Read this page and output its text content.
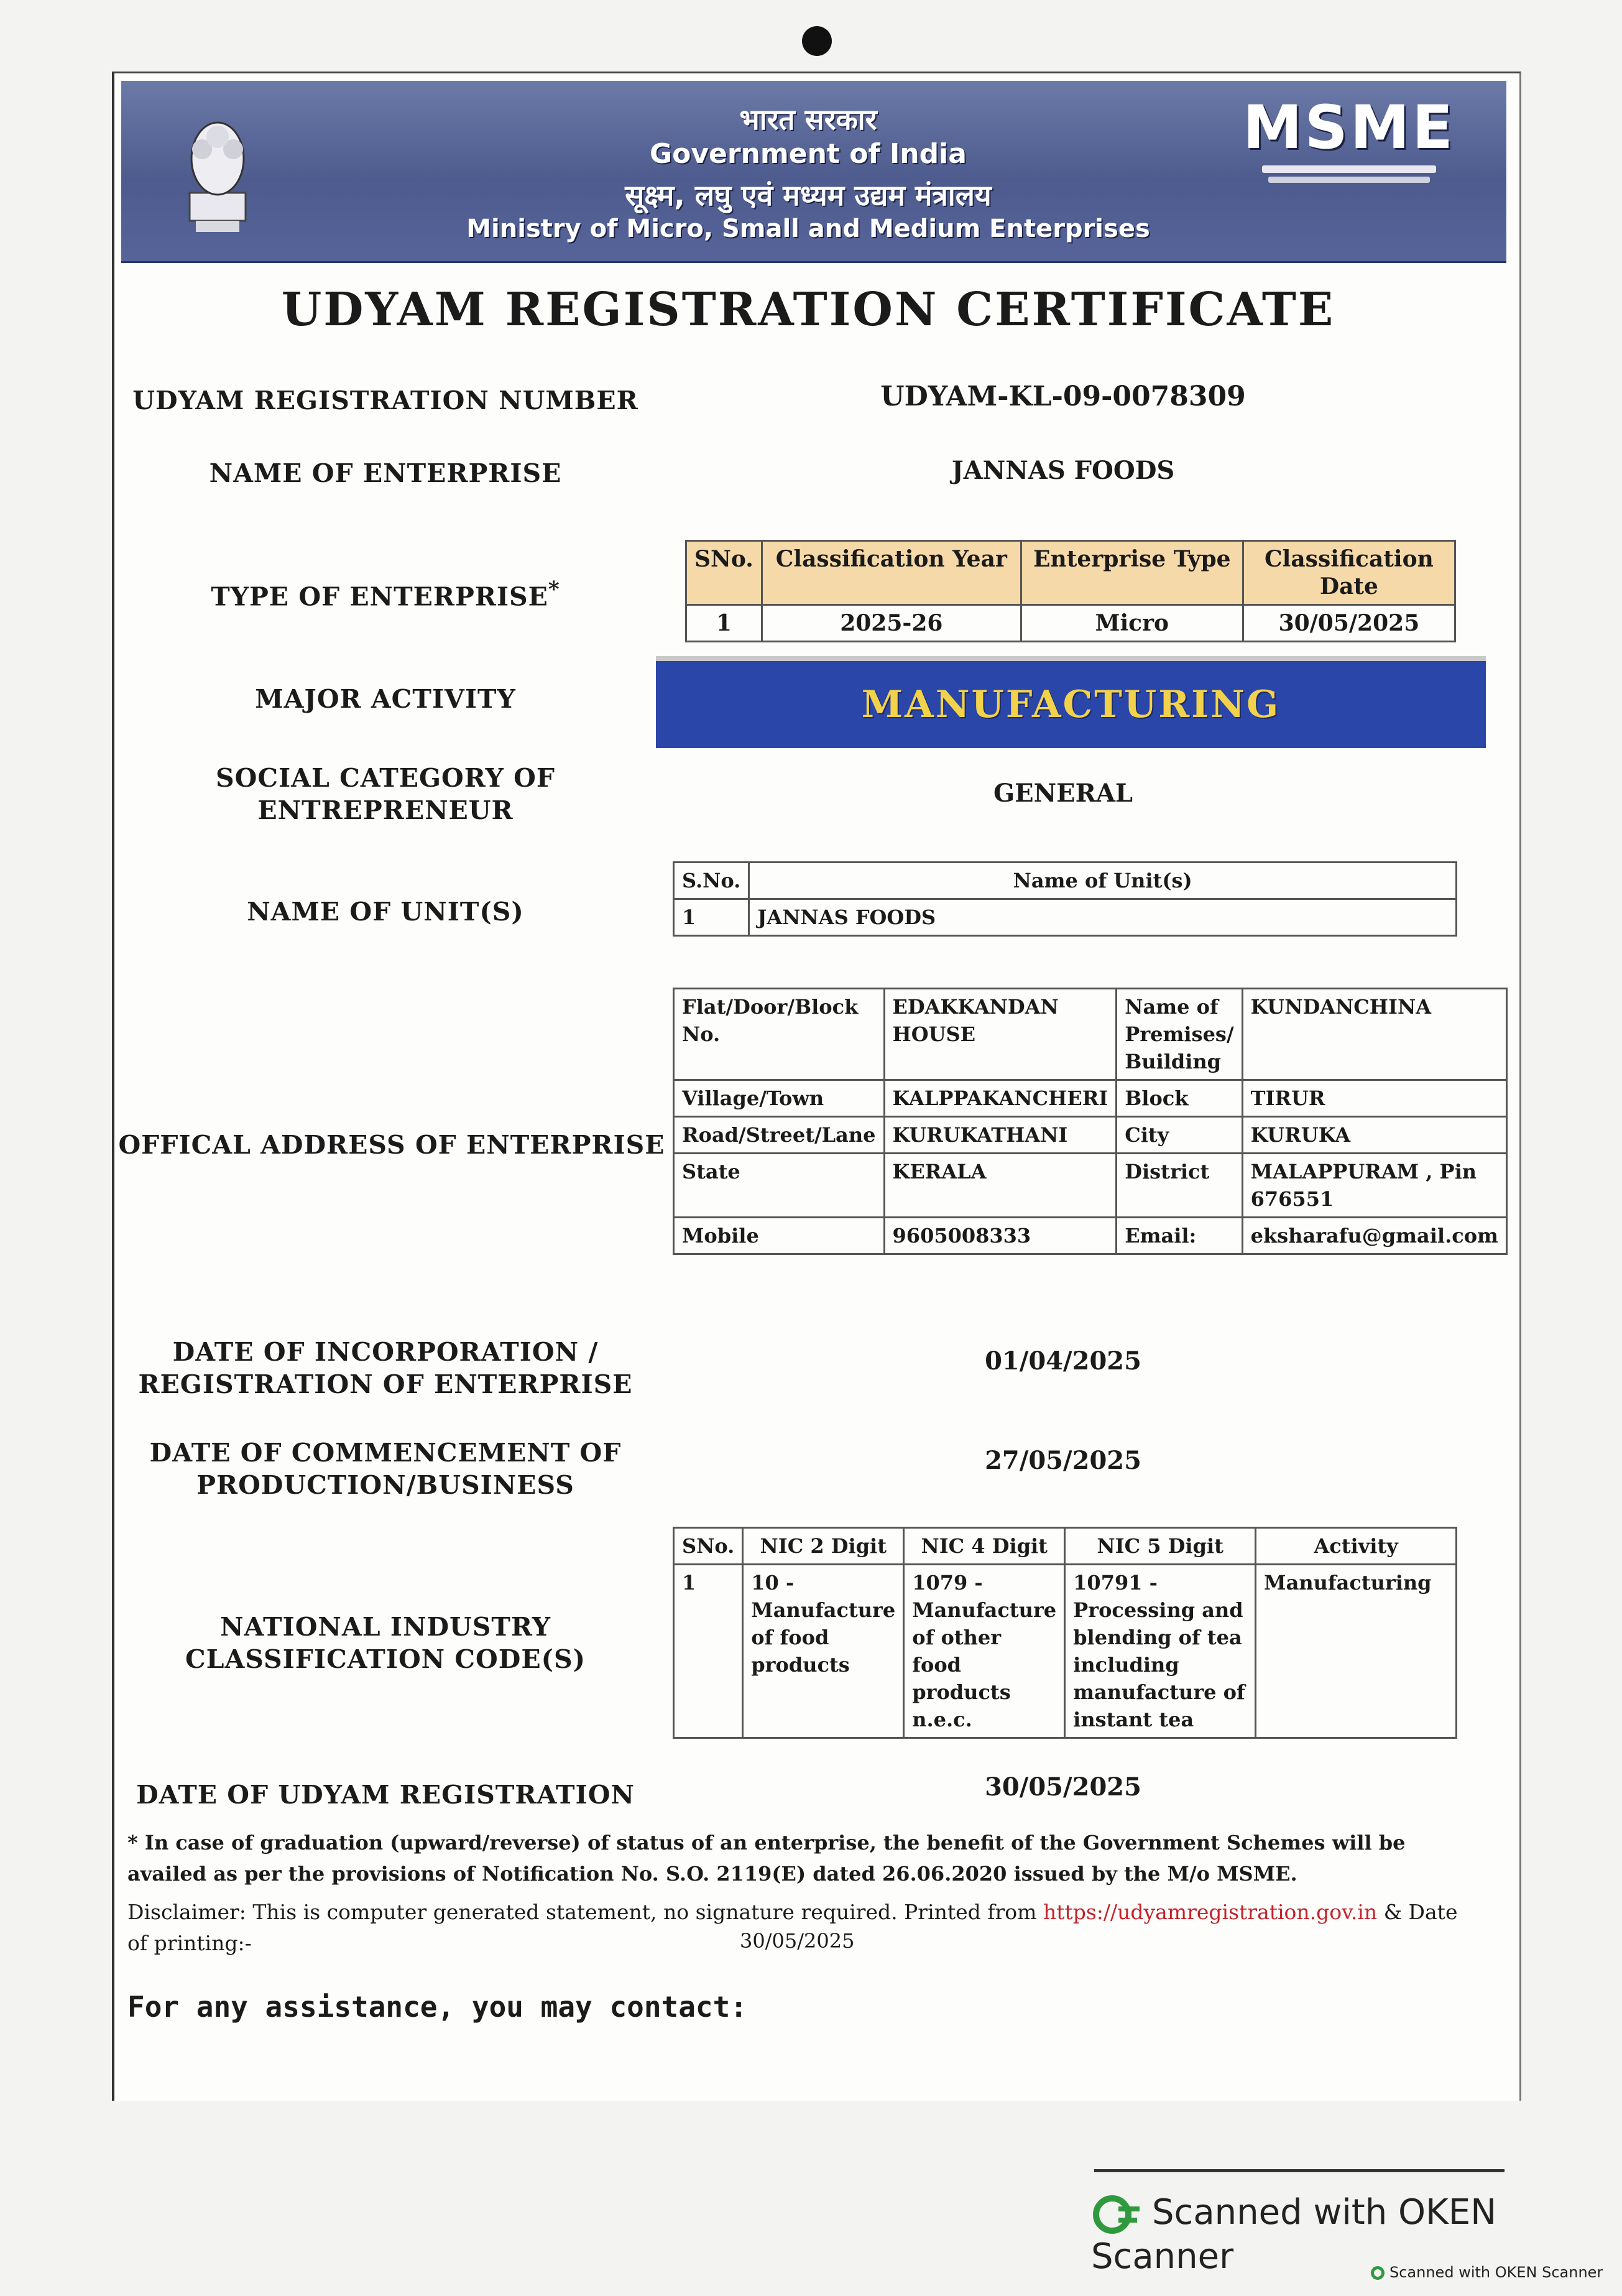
भारत सरकार
Government of India
सूक्ष्म, लघु एवं मध्यम उद्यम मंत्रालय
Ministry of Micro, Small and Medium Enterprises
MSME
UDYAM REGISTRATION CERTIFICATE
UDYAM REGISTRATION NUMBER	UDYAM-KL-09-0078309
NAME OF ENTERPRISE	JANNAS FOODS
TYPE OF ENTERPRISE*
SNo.	Classification Year	Enterprise Type	Classification Date
1	2025-26	Micro	30/05/2025
MAJOR ACTIVITY	MANUFACTURING
SOCIAL CATEGORY OF
ENTREPRENEUR
GENERAL
NAME OF UNIT(S)
S.No.	Name of Unit(s)
1	JANNAS FOODS
OFFICAL ADDRESS OF ENTERPRISE
Flat/Door/Block No.	EDAKKANDAN HOUSE	Name of Premises/ Building	KUNDANCHINA
Village/Town	KALPPAKANCHERI	Block	TIRUR
Road/Street/Lane	KURUKATHANI	City	KURUKA
State	KERALA	District	MALAPPURAM , Pin 676551
Mobile	9605008333	Email:	eksharafu@gmail.com
DATE OF INCORPORATION /
REGISTRATION OF ENTERPRISE
01/04/2025
DATE OF COMMENCEMENT OF
PRODUCTION/BUSINESS
27/05/2025
NATIONAL INDUSTRY
CLASSIFICATION CODE(S)
SNo.	NIC 2 Digit	NIC 4 Digit	NIC 5 Digit	Activity
1	10 - Manufacture of food products	1079 - Manufacture of other food products n.e.c.	10791 - Processing and blending of tea including manufacture of instant tea	Manufacturing
DATE OF UDYAM REGISTRATION	30/05/2025
* In case of graduation (upward/reverse) of status of an enterprise, the benefit of the Government Schemes will be availed as per the provisions of Notification No. S.O. 2119(E) dated 26.06.2020 issued by the M/o MSME.
Disclaimer: This is computer generated statement, no signature required. Printed from https://udyamregistration.gov.in & Date of printing:-	30/05/2025
For any assistance, you may contact:
Scanned with OKEN Scanner	Scanned with OKEN Scanner
